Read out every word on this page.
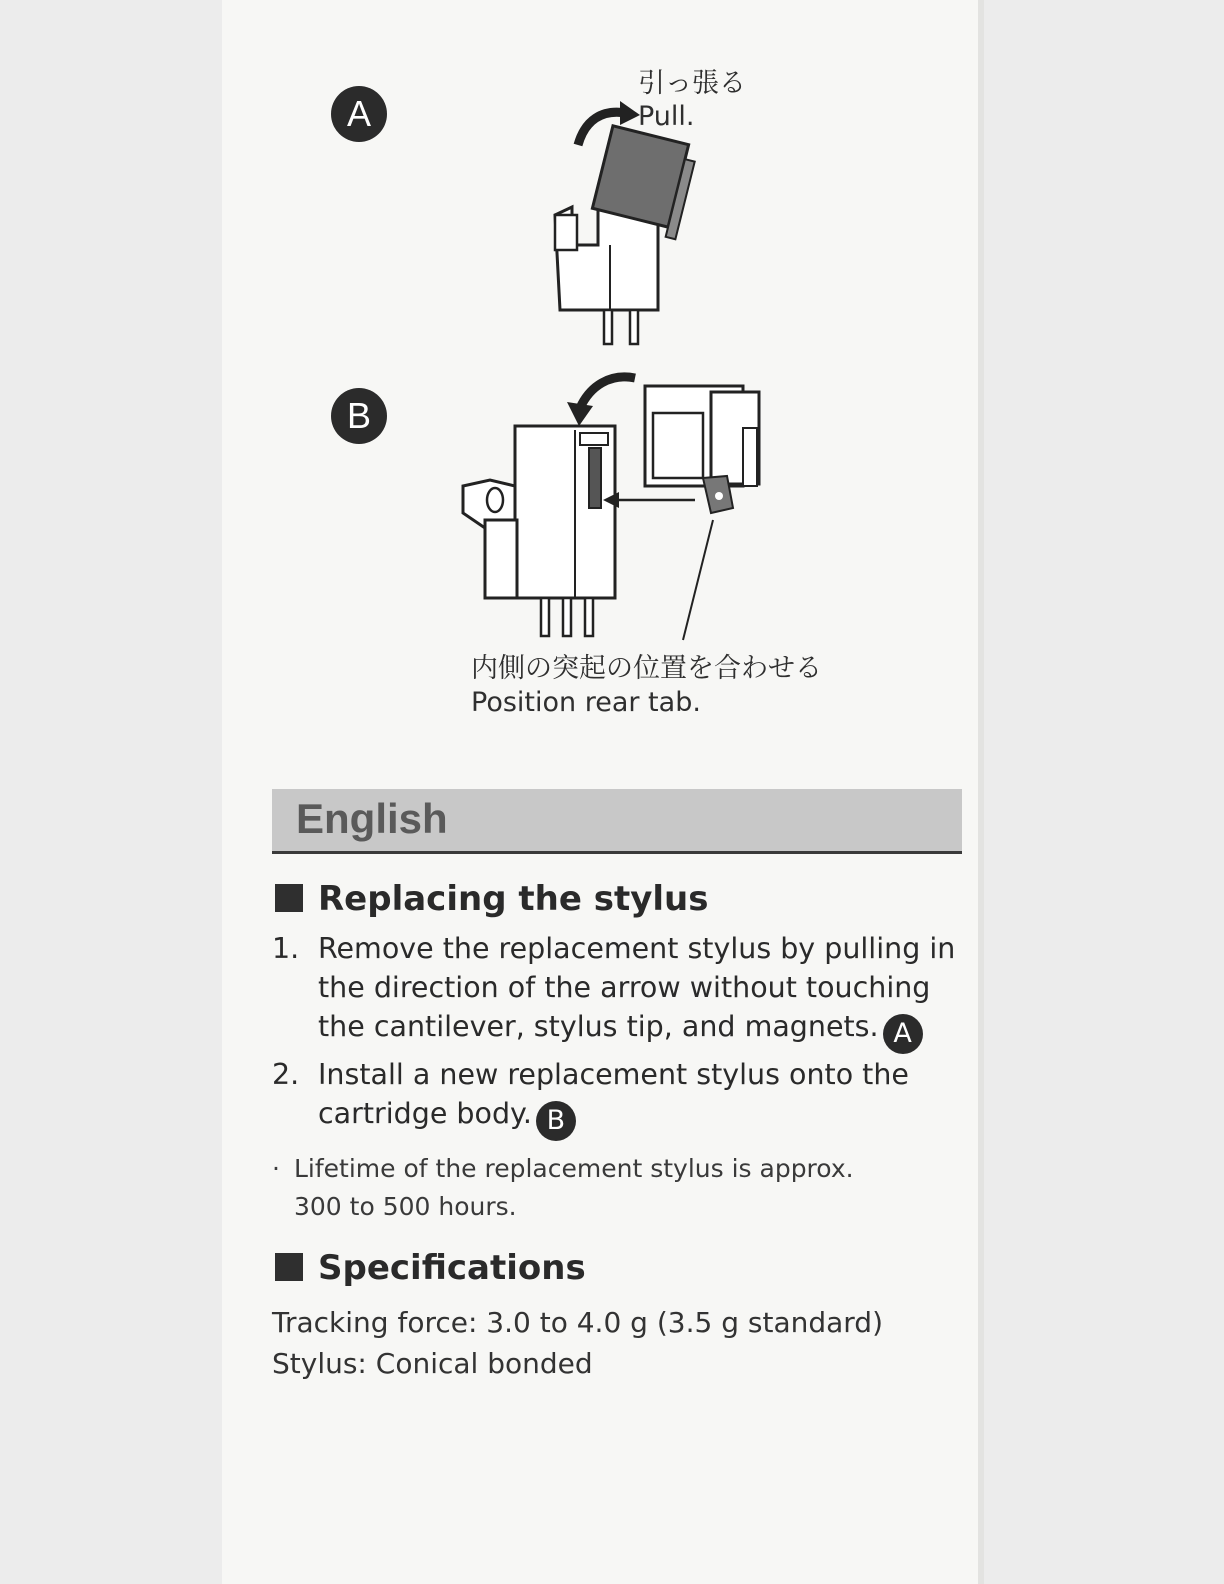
A
引っ張る
Pull.
B
内側の突起の位置を合わせる
Position rear tab.
English
Replacing the stylus
1. Remove the replacement stylus by pulling in the direction of the arrow without touching the cantilever, stylus tip, and magnets. A
2. Install a new replacement stylus onto the cartridge body. B
· Lifetime of the replacement stylus is approx. 300 to 500 hours.
Specifications
Tracking force: 3.0 to 4.0 g (3.5 g standard)
Stylus: Conical bonded
